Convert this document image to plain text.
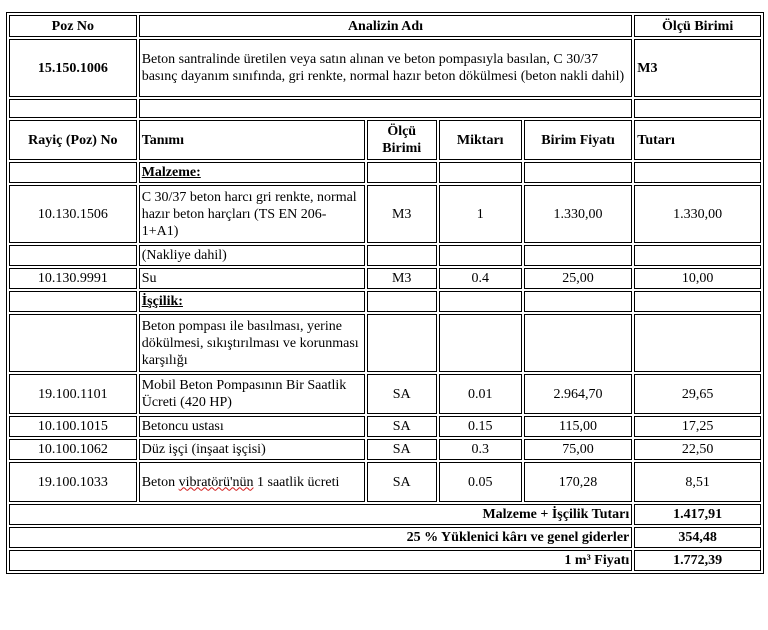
Poz No	Analizin Adı				Ölçü Birimi
15.150.1006	Beton santralinde üretilen veya satın alınan ve beton pompasıyla basılan, C 30/37 basınç dayanım sınıfında, gri renkte, normal hazır beton dökülmesi (beton nakli dahil)				M3

Rayiç (Poz) No	Tanımı	Ölçü Birimi	Miktarı	Birim Fiyatı	Tutarı
	Malzeme:				
10.130.1506	C 30/37 beton harcı gri renkte, normal hazır beton harçları (TS EN 206-1+A1)	M3	1	1.330,00	1.330,00
	(Nakliye dahil)				
10.130.9991	Su	M3	0.4	25,00	10,00
	İşçilik:				
	Beton pompası ile basılması, yerine dökülmesi, sıkıştırılması ve korunması karşılığı				
19.100.1101	Mobil Beton Pompasının Bir Saatlik Ücreti (420 HP)	SA	0.01	2.964,70	29,65
10.100.1015	Betoncu ustası	SA	0.15	115,00	17,25
10.100.1062	Düz işçi (inşaat işçisi)	SA	0.3	75,00	22,50
19.100.1033	Beton vibratörü'nün 1 saatlik ücreti	SA	0.05	170,28	8,51
Malzeme + İşçilik Tutarı					1.417,91
25 % Yüklenici kârı ve genel giderler					354,48
1 m³ Fiyatı					1.772,39
